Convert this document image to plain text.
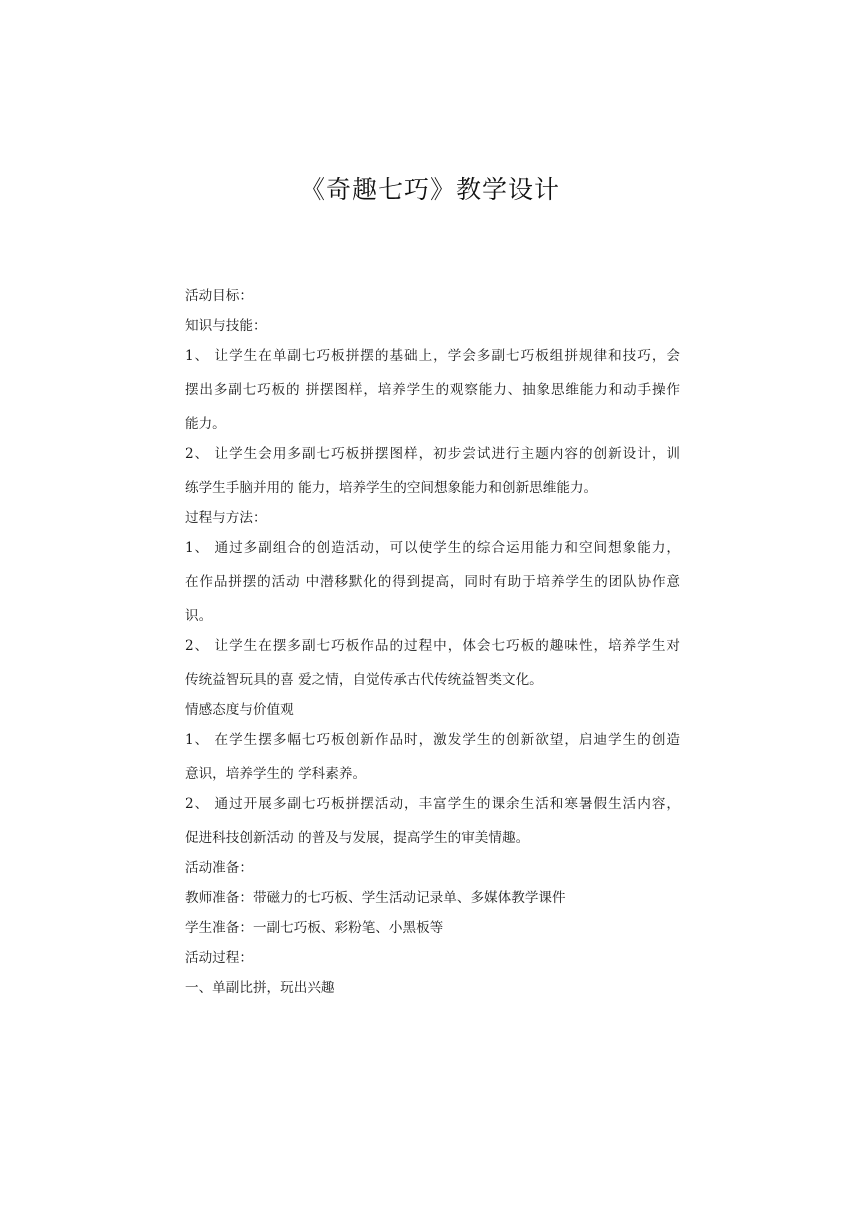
《奇趣七巧》教学设计
活动目标：
知识与技能：
1、 让学生在单副七巧板拼摆的基础上，学会多副七巧板组拼规律和技巧，会
摆出多副七巧板的 拼摆图样，培养学生的观察能力、抽象思维能力和动手操作
能力。
2、 让学生会用多副七巧板拼摆图样，初步尝试进行主题内容的创新设计，训
练学生手脑并用的 能力，培养学生的空间想象能力和创新思维能力。
过程与方法：
1、 通过多副组合的创造活动，可以使学生的综合运用能力和空间想象能力，
在作品拼摆的活动 中潜移默化的得到提高，同时有助于培养学生的团队协作意
识。
2、 让学生在摆多副七巧板作品的过程中，体会七巧板的趣味性，培养学生对
传统益智玩具的喜 爱之情，自觉传承古代传统益智类文化。
情感态度与价值观
1、 在学生摆多幅七巧板创新作品时，激发学生的创新欲望，启迪学生的创造
意识，培养学生的 学科素养。
2、 通过开展多副七巧板拼摆活动，丰富学生的课余生活和寒暑假生活内容，
促进科技创新活动 的普及与发展，提高学生的审美情趣。
活动准备：
教师准备：带磁力的七巧板、学生活动记录单、多媒体教学课件
学生准备：一副七巧板、彩粉笔、小黑板等
活动过程：
一、单副比拼，玩出兴趣
